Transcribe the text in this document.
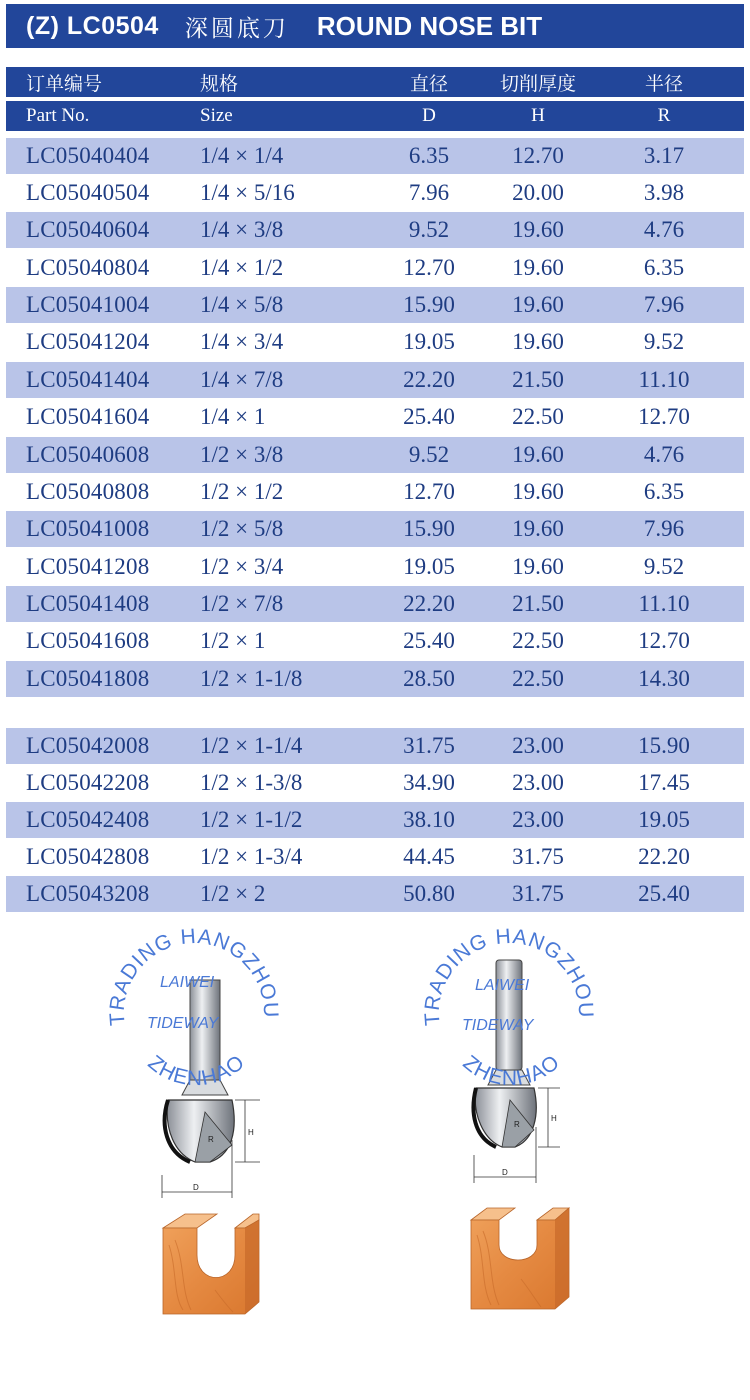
(Z) LC0504 深圆底刀 ROUND NOSE BIT
订单编号	规格	直径	切削厚度	半径
Part No.	Size	D	H	R
LC05040404 1/4 × 1/4	6.35	12.70	3.17
LC05040504 1/4 × 5/16	7.96	20.00	3.98
LC05040604 1/4 × 3/8	9.52	19.60	4.76
LC05040804 1/4 × 1/2	12.70	19.60	6.35
LC05041004 1/4 × 5/8	15.90	19.60	7.96
LC05041204 1/4 × 3/4	19.05	19.60	9.52
LC05041404 1/4 × 7/8	22.20	21.50	11.10
LC05041604 1/4 × 1	25.40	22.50	12.70
LC05040608 1/2 × 3/8	9.52	19.60	4.76
LC05040808 1/2 × 1/2	12.70	19.60	6.35
LC05041008 1/2 × 5/8	15.90	19.60	7.96
LC05041208 1/2 × 3/4	19.05	19.60	9.52
LC05041408 1/2 × 7/8	22.20	21.50	11.10
LC05041608 1/2 × 1	25.40	22.50	12.70
LC05041808 1/2 × 1-1/8	28.50	22.50	14.30
LC05042008 1/2 × 1-1/4	31.75	23.00	15.90
LC05042208 1/2 × 1-3/8	34.90	23.00	17.45
LC05042408 1/2 × 1-1/2	38.10	23.00	19.05
LC05042808 1/2 × 1-3/4	44.45	31.75	22.20
LC05043208 1/2 × 2	50.80	31.75	25.40
H
R
D
H
R
D
TRADING HANGZHOU
ZHENHAO
LAIWEI
TIDEWAY	TRADING HANGZHOU
ZHENHAO
LAIWEI
TIDEWAY
